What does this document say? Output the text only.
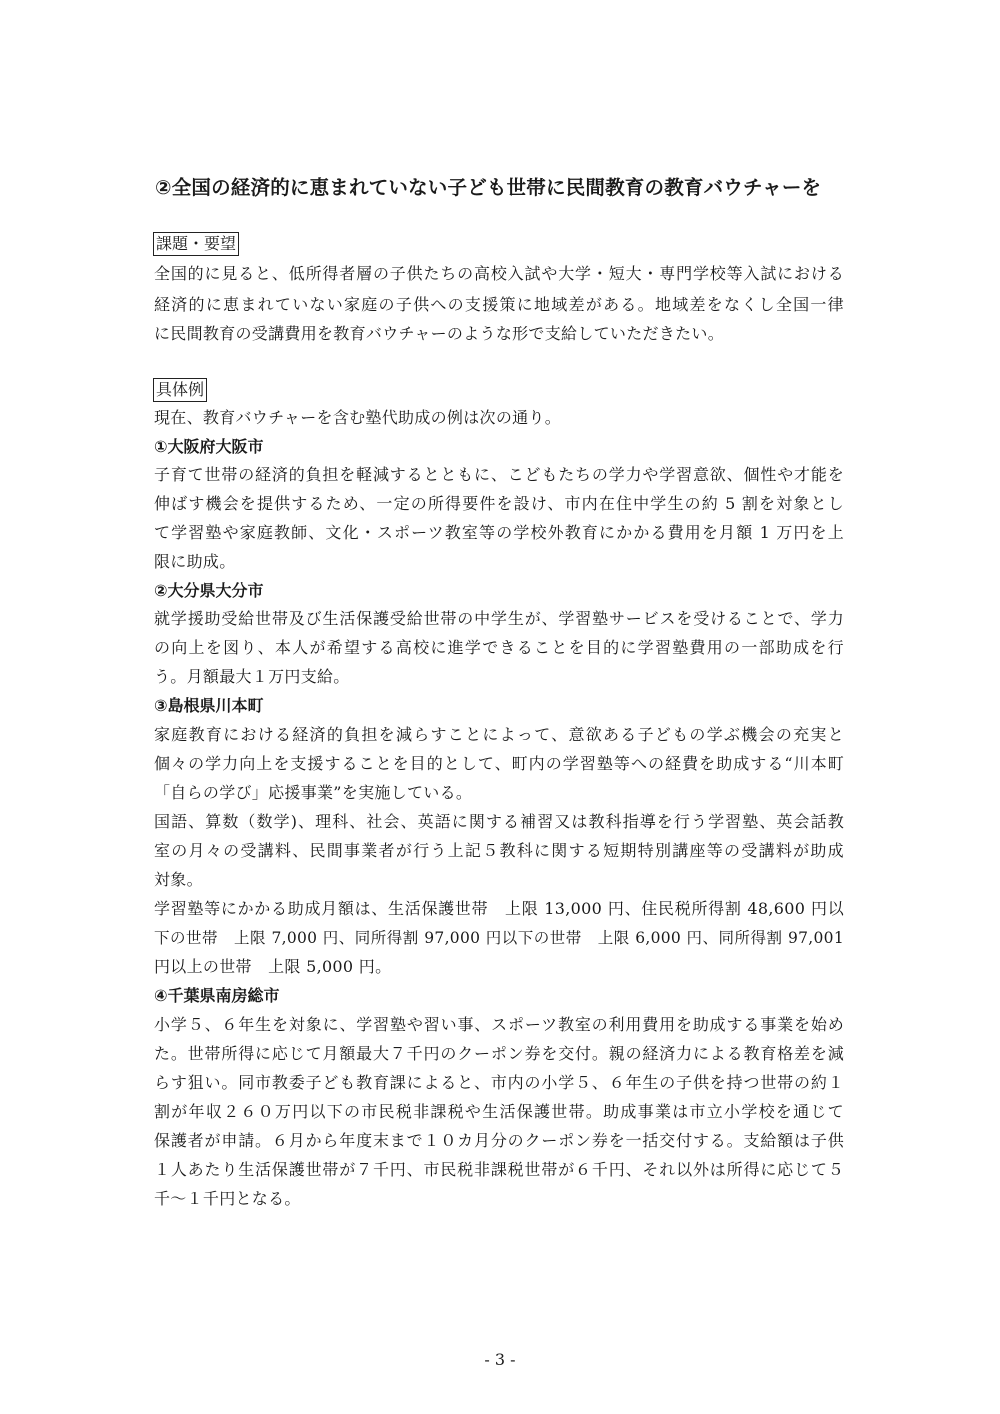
②全国の経済的に恵まれていない子ども世帯に民間教育の教育バウチャーを
課題・要望
全国的に見ると、低所得者層の子供たちの高校入試や大学・短大・専門学校等入試における
経済的に恵まれていない家庭の子供への支援策に地域差がある。地域差をなくし全国一律
に民間教育の受講費用を教育バウチャーのような形で支給していただきたい。
具体例
現在、教育バウチャーを含む塾代助成の例は次の通り。
①大阪府大阪市
子育て世帯の経済的負担を軽減するとともに、こどもたちの学力や学習意欲、個性や才能を
伸ばす機会を提供するため、一定の所得要件を設け、市内在住中学生の約 5 割を対象とし
て学習塾や家庭教師、文化・スポーツ教室等の学校外教育にかかる費用を月額 1 万円を上
限に助成。
②大分県大分市
就学援助受給世帯及び生活保護受給世帯の中学生が、学習塾サービスを受けることで、学力
の向上を図り、本人が希望する高校に進学できることを目的に学習塾費用の一部助成を行
う。月額最大１万円支給。
③島根県川本町
家庭教育における経済的負担を減らすことによって、意欲ある子どもの学ぶ機会の充実と
個々の学力向上を支援することを目的として、町内の学習塾等への経費を助成する“川本町
「自らの学び」応援事業”を実施している。
国語、算数（数学)、理科、社会、英語に関する補習又は教科指導を行う学習塾、英会話教
室の月々の受講料、民間事業者が行う上記５教科に関する短期特別講座等の受講料が助成
対象。
学習塾等にかかる助成月額は、生活保護世帯　上限 13,000 円、住民税所得割 48,600 円以
下の世帯　上限 7,000 円、同所得割 97,000 円以下の世帯　上限 6,000 円、同所得割 97,001
円以上の世帯　上限 5,000 円。
④千葉県南房総市
小学５、６年生を対象に、学習塾や習い事、スポーツ教室の利用費用を助成する事業を始め
た。世帯所得に応じて月額最大７千円のクーポン券を交付。親の経済力による教育格差を減
らす狙い。同市教委子ども教育課によると、市内の小学５、６年生の子供を持つ世帯の約１
割が年収２６０万円以下の市民税非課税や生活保護世帯。助成事業は市立小学校を通じて
保護者が申請。６月から年度末まで１０カ月分のクーポン券を一括交付する。支給額は子供
１人あたり生活保護世帯が７千円、市民税非課税世帯が６千円、それ以外は所得に応じて５
千～１千円となる。
- 3 -
